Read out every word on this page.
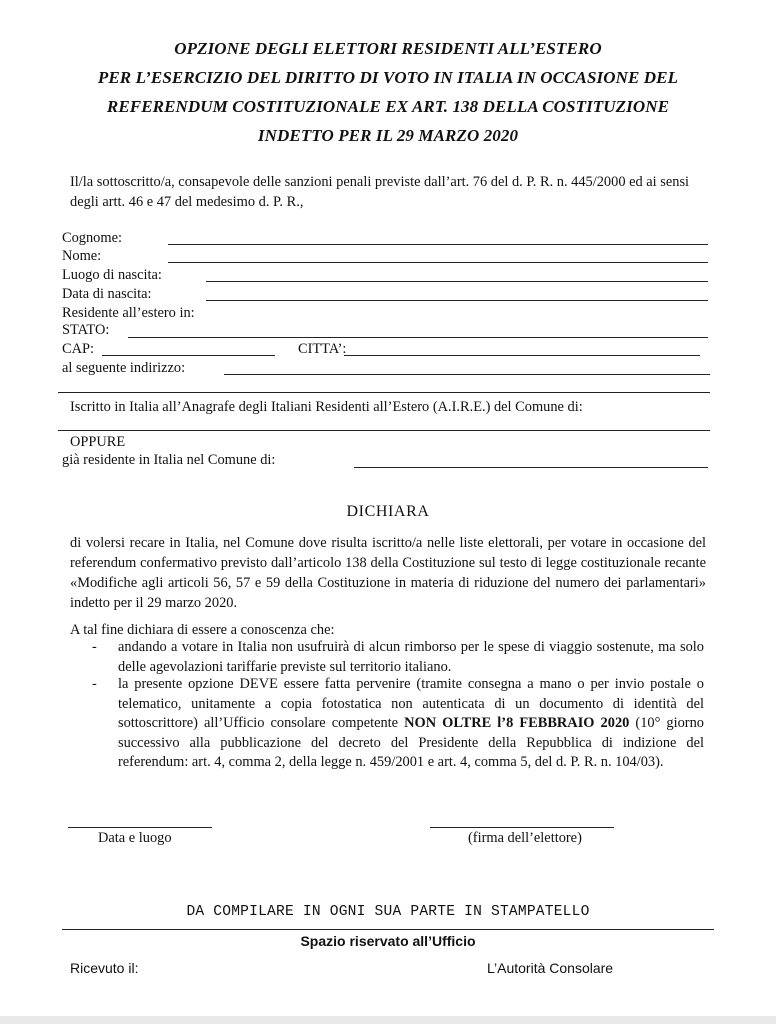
OPZIONE DEGLI ELETTORI RESIDENTI ALL’ESTERO
PER L’ESERCIZIO DEL DIRITTO DI VOTO IN ITALIA IN OCCASIONE DEL
REFERENDUM COSTITUZIONALE EX ART. 138 DELLA COSTITUZIONE
INDETTO PER IL 29 MARZO 2020
Il/la sottoscritto/a, consapevole delle sanzioni penali previste dall’art. 76 del d. P. R. n. 445/2000 ed ai sensi degli artt. 46 e 47 del medesimo d. P. R.,
Cognome:
Nome:
Luogo di nascita:
Data di nascita:
Residente all’estero in:
STATO:
CAP:	CITTA’:
al seguente indirizzo:
Iscritto in Italia all’Anagrafe degli Italiani Residenti all’Estero (A.I.R.E.) del Comune di:
OPPURE
già residente in Italia nel Comune di:
DICHIARA
di volersi recare in Italia, nel Comune dove risulta iscritto/a nelle liste elettorali, per votare in occasione del referendum confermativo previsto dall’articolo 138 della Costituzione sul testo di legge costituzionale recante «Modifiche agli articoli 56, 57 e 59 della Costituzione in materia di riduzione del numero dei parlamentari» indetto per il 29 marzo 2020.
A tal fine dichiara di essere a conoscenza che:
- andando a votare in Italia non usufruirà di alcun rimborso per le spese di viaggio sostenute, ma solo delle agevolazioni tariffarie previste sul territorio italiano.
- la presente opzione DEVE essere fatta pervenire (tramite consegna a mano o per invio postale o telematico, unitamente a copia fotostatica non autenticata di un documento di identità del sottoscrittore) all’Ufficio consolare competente NON OLTRE l’8 FEBBRAIO 2020 (10° giorno successivo alla pubblicazione del decreto del Presidente della Repubblica di indizione del referendum: art. 4, comma 2, della legge n. 459/2001 e art. 4, comma 5, del d. P. R. n. 104/03).
Data e luogo	(firma dell’elettore)
DA COMPILARE IN OGNI SUA PARTE IN STAMPATELLO
Spazio riservato all’Ufficio
Ricevuto il:	L’Autorità Consolare
